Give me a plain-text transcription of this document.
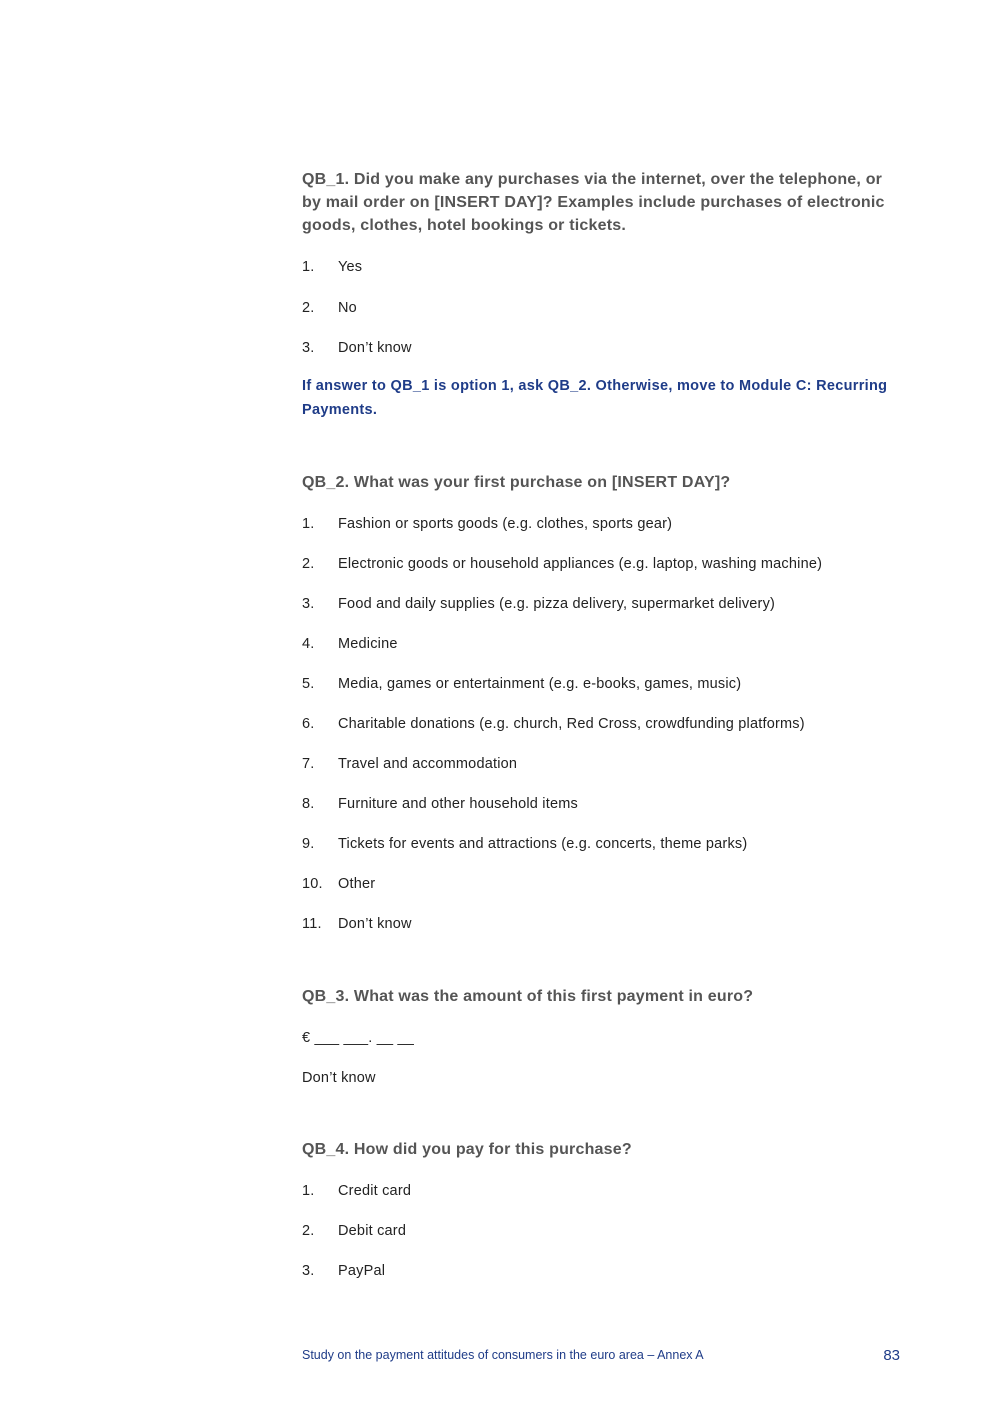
QB_1. Did you make any purchases via the internet, over the telephone, or by mail order on [INSERT DAY]? Examples include purchases of electronic goods, clothes, hotel bookings or tickets.

1.	Yes
2.	No
3.	Don’t know

If answer to QB_1 is option 1, ask QB_2. Otherwise, move to Module C: Recurring Payments.

QB_2. What was your first purchase on [INSERT DAY]?

1.	Fashion or sports goods (e.g. clothes, sports gear)
2.	Electronic goods or household appliances (e.g. laptop, washing machine)
3.	Food and daily supplies (e.g. pizza delivery, supermarket delivery)
4.	Medicine
5.	Media, games or entertainment (e.g. e-books, games, music)
6.	Charitable donations (e.g. church, Red Cross, crowdfunding platforms)
7.	Travel and accommodation
8.	Furniture and other household items
9.	Tickets for events and attractions (e.g. concerts, theme parks)
10.	Other
11.	Don’t know

QB_3. What was the amount of this first payment in euro?

€ ___ ___. __ __
Don’t know

QB_4. How did you pay for this purchase?

1.	Credit card
2.	Debit card
3.	PayPal
Study on the payment attitudes of consumers in the euro area – Annex A	83
